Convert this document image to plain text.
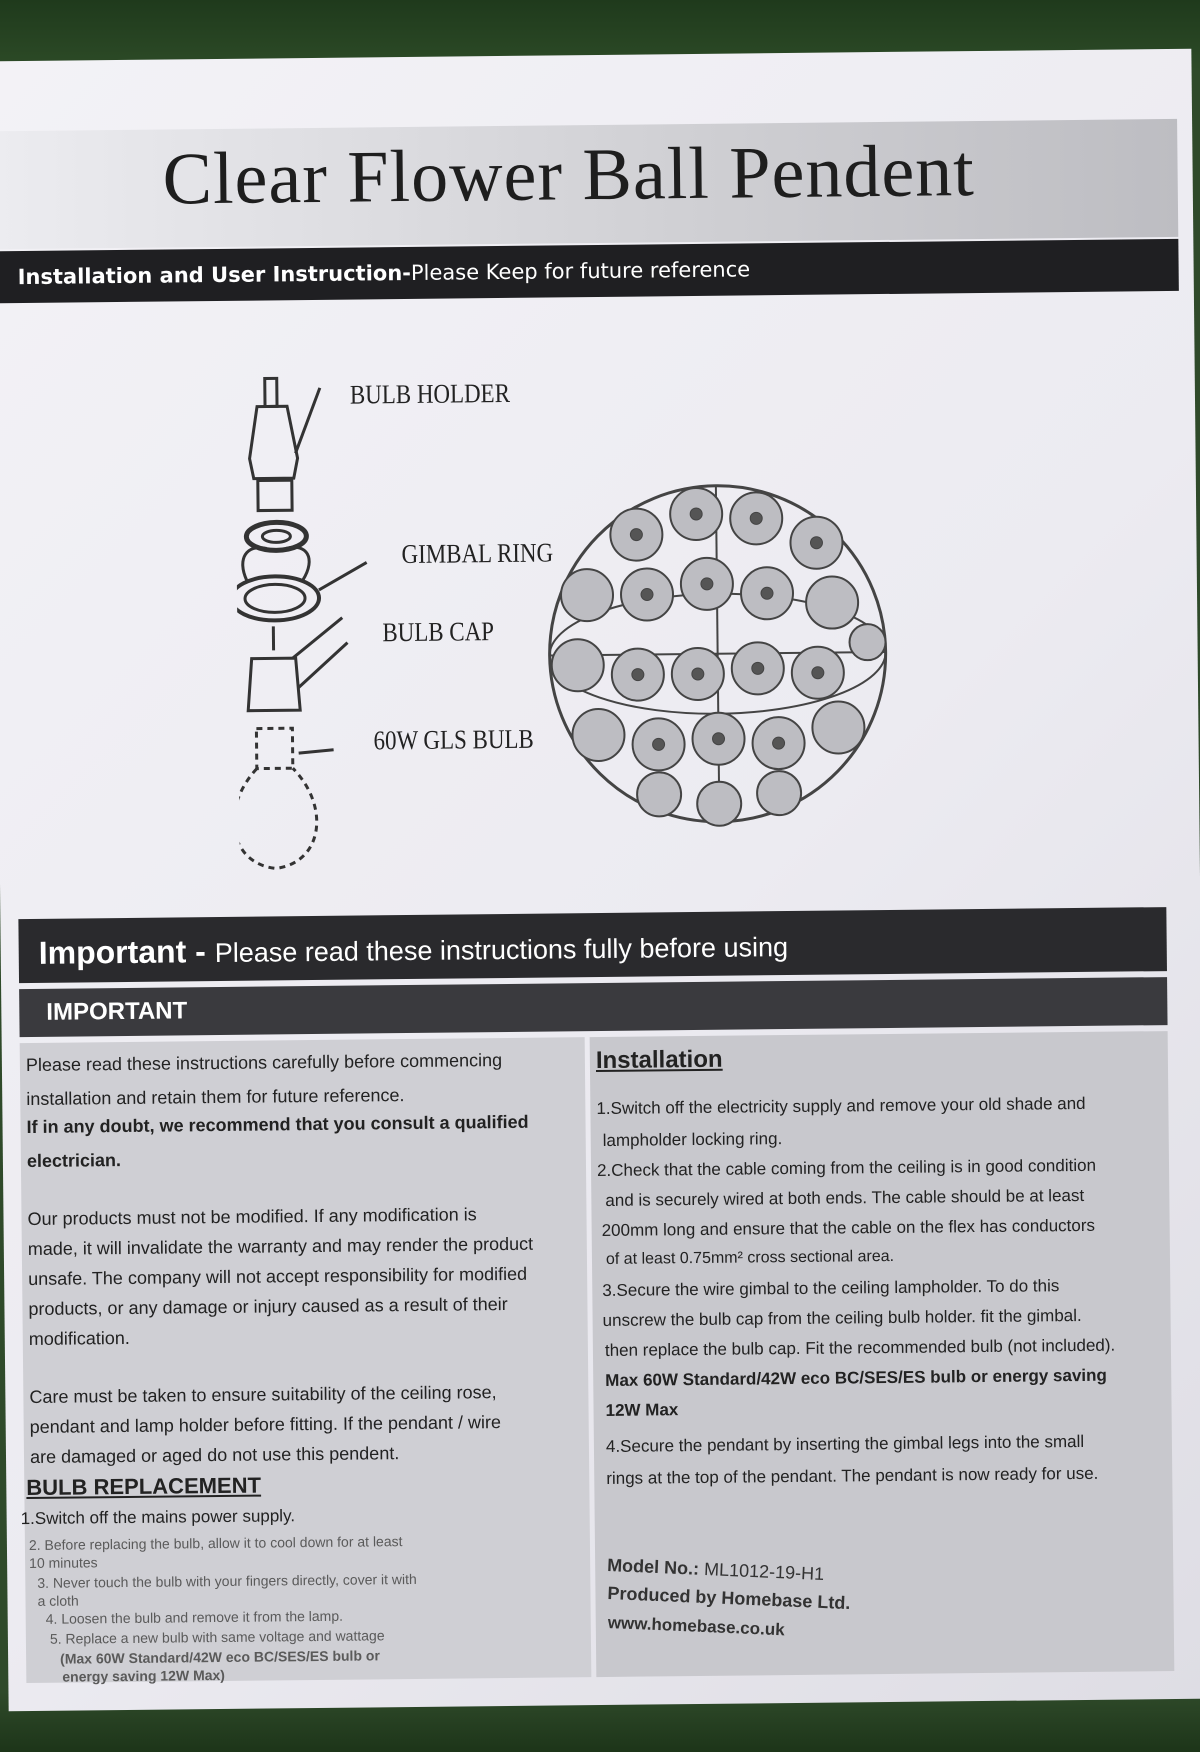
Clear Flower Ball Pendent
Installation and User Instruction-Please Keep for future reference
BULB HOLDER
GIMBAL RING
BULB CAP
60W GLS BULB
Important - Please read these instructions fully before using
IMPORTANT
Please read these instructions carefully before commencing
installation and retain them for future reference.
If in any doubt, we recommend that you consult a qualified
electrician.
Our products must not be modified. If any modification is
made, it will invalidate the warranty and may render the product
unsafe. The company will not accept responsibility for modified
products, or any damage or injury caused as a result of their
modification.
Care must be taken to ensure suitability of the ceiling rose,
pendant and lamp holder before fitting. If the pendant / wire
are damaged or aged do not use this pendent.
BULB REPLACEMENT
1.Switch off the mains power supply.
2. Before replacing the bulb, allow it to cool down for at least
10 minutes
3. Never touch the bulb with your fingers directly, cover it with
a cloth
4. Loosen the bulb and remove it from the lamp.
5. Replace a new bulb with same voltage and wattage
(Max 60W Standard/42W eco BC/SES/ES bulb or
energy saving 12W Max)
Installation
1.Switch off the electricity supply and remove your old shade and
lampholder locking ring.
2.Check that the cable coming from the ceiling is in good condition
and is securely wired at both ends. The cable should be at least
200mm long and ensure that the cable on the flex has conductors
of at least 0.75mm² cross sectional area.
3.Secure the wire gimbal to the ceiling lampholder. To do this
unscrew the bulb cap from the ceiling bulb holder. fit the gimbal.
then replace the bulb cap. Fit the recommended bulb (not included).
Max 60W Standard/42W eco BC/SES/ES bulb or energy saving
12W Max
4.Secure the pendant by inserting the gimbal legs into the small
rings at the top of the pendant. The pendant is now ready for use.
Model No.: ML1012-19-H1
Produced by Homebase Ltd.
www.homebase.co.uk
